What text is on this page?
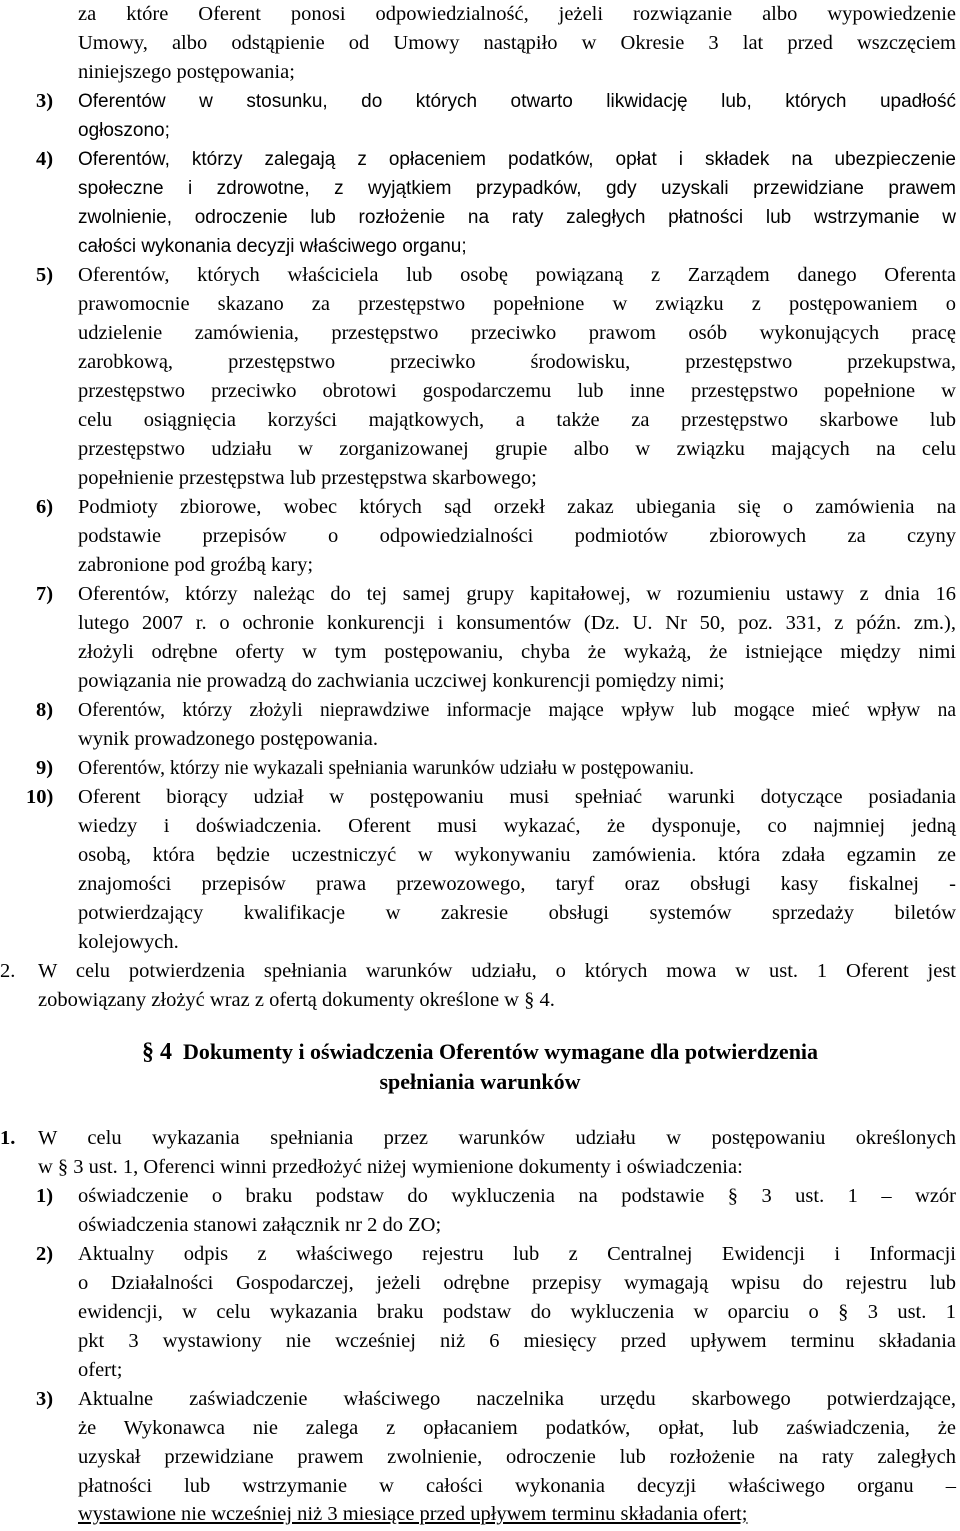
za które Oferent ponosi odpowiedzialność, jeżeli rozwiązanie albo wypowiedzenie

Umowy, albo odstąpienie od Umowy nastąpiło w Okresie 3 lat przed wszczęciem

niniejszego postępowania;

3) Oferentów w stosunku, do których otwarto likwidację lub, których upadłość

ogłoszono;

4) Oferentów, którzy zalegają z opłaceniem podatków, opłat i składek na ubezpieczenie

społeczne i zdrowotne, z wyjątkiem przypadków, gdy uzyskali przewidziane prawem

zwolnienie, odroczenie lub rozłożenie na raty zaległych płatności lub wstrzymanie w

całości wykonania decyzji właściwego organu;

5) Oferentów, których właściciela lub osobę powiązaną z Zarządem danego Oferenta

prawomocnie skazano za przestępstwo popełnione w związku z postępowaniem o

udzielenie zamówienia, przestępstwo przeciwko prawom osób wykonujących pracę

zarobkową, przestępstwo przeciwko środowisku, przestępstwo przekupstwa,

przestępstwo przeciwko obrotowi gospodarczemu lub inne przestępstwo popełnione w

celu osiągnięcia korzyści majątkowych, a także za przestępstwo skarbowe lub

przestępstwo udziału w zorganizowanej grupie albo w związku mających na celu

popełnienie przestępstwa lub przestępstwa skarbowego;

6) Podmioty zbiorowe, wobec których sąd orzekł zakaz ubiegania się o zamówienia na

podstawie przepisów o odpowiedzialności podmiotów zbiorowych za czyny

zabronione pod groźbą kary;

7) Oferentów, którzy należąc do tej samej grupy kapitałowej, w rozumieniu ustawy z dnia 16

lutego 2007 r. o ochronie konkurencji i konsumentów (Dz. U. Nr 50, poz. 331, z późn. zm.),

złożyli odrębne oferty w tym postępowaniu, chyba że wykażą, że istniejące między nimi

powiązania nie prowadzą do zachwiania uczciwej konkurencji pomiędzy nimi;

8) Oferentów, którzy złożyli nieprawdziwe informacje mające wpływ lub mogące mieć wpływ na

wynik prowadzonego postępowania.

9) Oferentów, którzy nie wykazali spełniania warunków udziału w postępowaniu.

10) Oferent biorący udział w postępowaniu musi spełniać warunki dotyczące posiadania

wiedzy i doświadczenia. Oferent musi wykazać, że dysponuje, co najmniej jedną

osobą, która będzie uczestniczyć w wykonywaniu zamówienia. która zdała egzamin ze

znajomości przepisów prawa przewozowego, taryf oraz obsługi kasy fiskalnej -

potwierdzający kwalifikacje w zakresie obsługi systemów sprzedaży biletów

kolejowych.

2. W celu potwierdzenia spełniania warunków udziału, o których mowa w ust. 1 Oferent jest

zobowiązany złożyć wraz z ofertą dokumenty określone w § 4.

§ 4 Dokumenty i oświadczenia Oferentów wymagane dla potwierdzenia

spełniania warunków

1. W celu wykazania spełniania przez warunków udziału w postępowaniu określonych

w § 3 ust. 1, Oferenci winni przedłożyć niżej wymienione dokumenty i oświadczenia:

1) oświadczenie o braku podstaw do wykluczenia na podstawie § 3 ust. 1 – wzór

oświadczenia stanowi załącznik nr 2 do ZO;

2) Aktualny odpis z właściwego rejestru lub z Centralnej Ewidencji i Informacji

o Działalności Gospodarczej, jeżeli odrębne przepisy wymagają wpisu do rejestru lub

ewidencji, w celu wykazania braku podstaw do wykluczenia w oparciu o § 3 ust. 1

pkt 3 wystawiony nie wcześniej niż 6 miesięcy przed upływem terminu składania

ofert;

3) Aktualne zaświadczenie właściwego naczelnika urzędu skarbowego potwierdzające,

że Wykonawca nie zalega z opłacaniem podatków, opłat, lub zaświadczenia, że

uzyskał przewidziane prawem zwolnienie, odroczenie lub rozłożenie na raty zaległych

płatności lub wstrzymanie w całości wykonania decyzji właściwego organu –

wystawione nie wcześniej niż 3 miesiące przed upływem terminu składania ofert;
